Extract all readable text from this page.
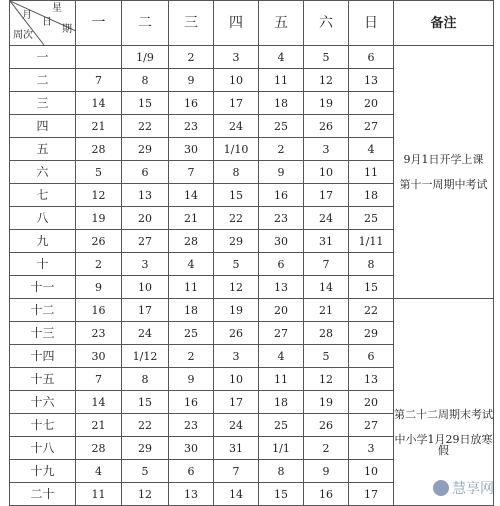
星
月
日
期
周次	一	二	三	四	五	六	日	备注
一		1/9	2	3	4	5	6	9月1日开学上课
第十一周期中考试

二	7	8	9	10	11	12	13	
三	14	15	16	17	18	19	20	
四	21	22	23	24	25	26	27	
五	28	29	30	1/10	2	3	4	
六	5	6	7	8	9	10	11	
七	12	13	14	15	16	17	18	
八	19	20	21	22	23	24	25	
九	26	27	28	29	30	31	1/11	
十	2	3	4	5	6	7	8	
十一	9	10	11	12	13	14	15	
十二	16	17	18	19	20	21	22	第二十二周期末考试
中小学1月29日放寒假

十三	23	24	25	26	27	28	29	
十四	30	1/12	2	3	4	5	6	
十五	7	8	9	10	11	12	13	
十六	14	15	16	17	18	19	20	
十七	21	22	23	24	25	26	27	
十八	28	29	30	31	1/1	2	3	
十九	4	5	6	7	8	9	10	
二十	11	12	13	14	15	16	17		慧享网
